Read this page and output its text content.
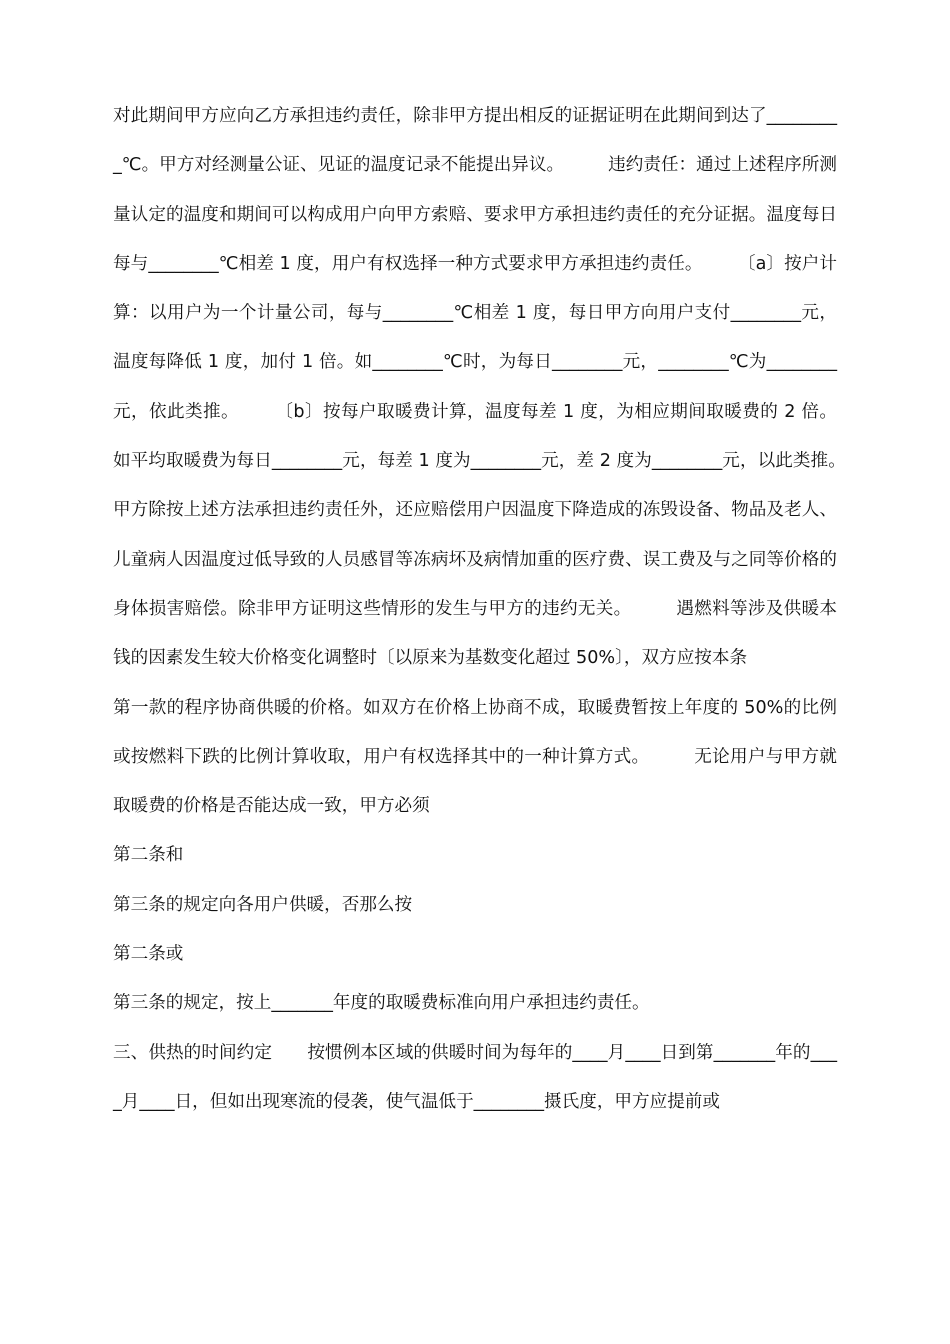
对此期间甲方应向乙方承担违约责任，除非甲方提出相反的证据证明在此期间到达了_________℃。甲方对经测量公证、见证的温度记录不能提出异议。　　　违约责任：通过上述程序所测量认定的温度和期间可以构成用户向甲方索赔、要求甲方承担违约责任的充分证据。温度每日每与________℃相差 1 度，用户有权选择一种方式要求甲方承担违约责任。　　　〔a〕按户计算：以用户为一个计量公司，每与________℃相差 1 度，每日甲方向用户支付________元，温度每降低 1 度，加付 1 倍。如________℃时，为每日________元，________℃为________元，依此类推。　　　〔b〕按每户取暖费计算，温度每差 1 度，为相应期间取暖费的 2 倍。如平均取暖费为每日________元，每差 1 度为________元，差 2 度为________元，以此类推。　　　甲方除按上述方法承担违约责任外，还应赔偿用户因温度下降造成的冻毁设备、物品及老人、儿童病人因温度过低导致的人员感冒等冻病坏及病情加重的医疗费、误工费及与之同等价格的身体损害赔偿。除非甲方证明这些情形的发生与甲方的违约无关。　　　遇燃料等涉及供暖本钱的因素发生较大价格变化调整时〔以原来为基数变化超过 50%〕，双方应按本条

第一款的程序协商供暖的价格。如双方在价格上协商不成，取暖费暂按上年度的 50%的比例或按燃料下跌的比例计算收取，用户有权选择其中的一种计算方式。　　　无论用户与甲方就取暖费的价格是否能达成一致，甲方必须

第二条和

第三条的规定向各用户供暖，否那么按

第二条或

第三条的规定，按上_______年度的取暖费标准向用户承担违约责任。

三、供热的时间约定　　按惯例本区域的供暖时间为每年的____月____日到第_______年的____月____日，但如出现寒流的侵袭，使气温低于________摄氏度，甲方应提前或
